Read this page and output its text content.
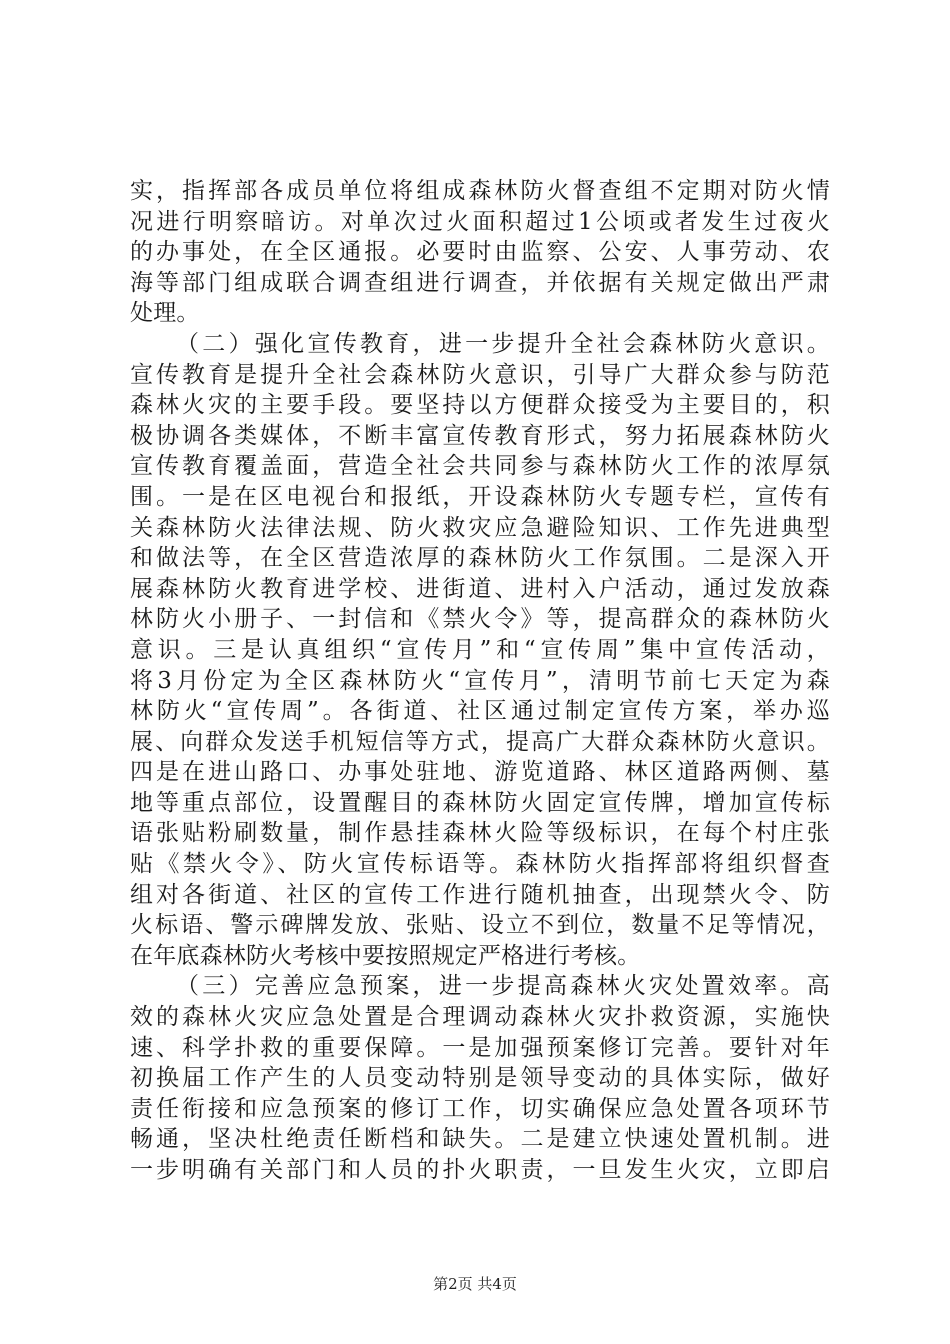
实，指挥部各成员单位将组成森林防火督查组不定期对防火情
况进行明察暗访。对单次过火面积超过1公顷或者发生过夜火
的办事处，在全区通报。必要时由监察、公安、人事劳动、农
海等部门组成联合调查组进行调查，并依据有关规定做出严肃
处理。
（二）强化宣传教育，进一步提升全社会森林防火意识。
宣传教育是提升全社会森林防火意识，引导广大群众参与防范
森林火灾的主要手段。要坚持以方便群众接受为主要目的，积
极协调各类媒体，不断丰富宣传教育形式，努力拓展森林防火
宣传教育覆盖面，营造全社会共同参与森林防火工作的浓厚氛
围。一是在区电视台和报纸，开设森林防火专题专栏，宣传有
关森林防火法律法规、防火救灾应急避险知识、工作先进典型
和做法等，在全区营造浓厚的森林防火工作氛围。二是深入开
展森林防火教育进学校、进街道、进村入户活动，通过发放森
林防火小册子、一封信和《禁火令》等，提高群众的森林防火
意识。三是认真组织“宣传月”和“宣传周”集中宣传活动，
将3月份定为全区森林防火“宣传月”，清明节前七天定为森
林防火“宣传周”。各街道、社区通过制定宣传方案，举办巡
展、向群众发送手机短信等方式，提高广大群众森林防火意识。
四是在进山路口、办事处驻地、游览道路、林区道路两侧、墓
地等重点部位，设置醒目的森林防火固定宣传牌，增加宣传标
语张贴粉刷数量，制作悬挂森林火险等级标识，在每个村庄张
贴《禁火令》、防火宣传标语等。森林防火指挥部将组织督查
组对各街道、社区的宣传工作进行随机抽查，出现禁火令、防
火标语、警示碑牌发放、张贴、设立不到位，数量不足等情况，
在年底森林防火考核中要按照规定严格进行考核。
（三）完善应急预案，进一步提高森林火灾处置效率。高
效的森林火灾应急处置是合理调动森林火灾扑救资源，实施快
速、科学扑救的重要保障。一是加强预案修订完善。要针对年
初换届工作产生的人员变动特别是领导变动的具体实际，做好
责任衔接和应急预案的修订工作，切实确保应急处置各项环节
畅通，坚决杜绝责任断档和缺失。二是建立快速处置机制。进
一步明确有关部门和人员的扑火职责，一旦发生火灾，立即启
第2页 共4页
